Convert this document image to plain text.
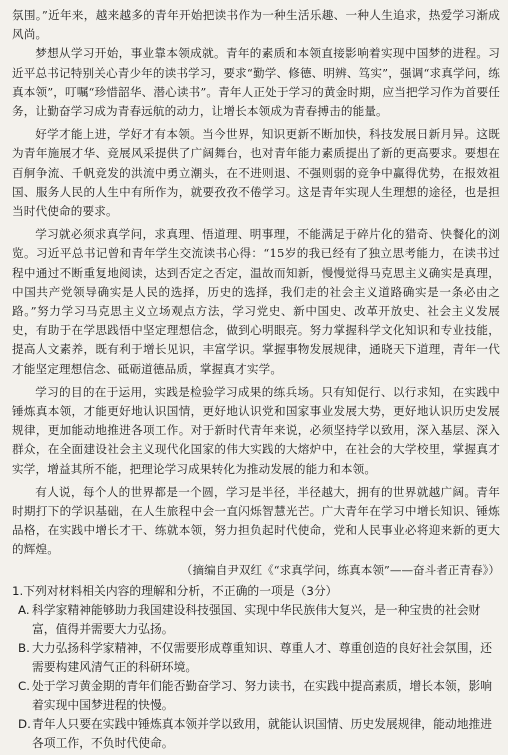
氛围。”近年来，越来越多的青年开始把读书作为一种生活乐趣、一种人生追求，热爱学习渐成风尚。

梦想从学习开始，事业靠本领成就。青年的素质和本领直接影响着实现中国梦的进程。习近平总书记特别关心青少年的读书学习，要求“勤学、修德、明辨、笃实”，强调“求真学问，练真本领”，叮嘱“珍惜韶华、潜心读书”。青年人正处于学习的黄金时期，应当把学习作为首要任务，让勤奋学习成为青春远航的动力，让增长本领成为青春搏击的能量。

好学才能上进，学好才有本领。当今世界，知识更新不断加快，科技发展日新月异。这既为青年施展才华、竞展风采提供了广阔舞台，也对青年能力素质提出了新的更高要求。要想在百舸争流、千帆竞发的洪流中勇立潮头，在不进则退、不强则弱的竞争中赢得优势，在报效祖国、服务人民的人生中有所作为，就要孜孜不倦学习。这是青年实现人生理想的途径，也是担当时代使命的要求。

学习就必须求真学问，求真理、悟道理、明事理，不能满足于碎片化的猎奇、快餐化的浏览。习近平总书记曾和青年学生交流读书心得：“15岁的我已经有了独立思考能力，在读书过程中通过不断重复地阅读，达到否定之否定，温故而知新，慢慢觉得马克思主义确实是真理，中国共产党领导确实是人民的选择，历史的选择，我们走的社会主义道路确实是一条必由之路。”努力学习马克思主义立场观点方法，学习党史、新中国史、改革开放史、社会主义发展史，有助于在学思践悟中坚定理想信念，做到心明眼亮。努力掌握科学文化知识和专业技能，提高人文素养，既有利于增长见识，丰富学识。掌握事物发展规律，通晓天下道理，青年一代才能坚定理想信念、砥砺道德品质，掌握真才实学。

学习的目的在于运用，实践是检验学习成果的练兵场。只有知促行、以行求知，在实践中锤炼真本领，才能更好地认识国情，更好地认识党和国家事业发展大势，更好地认识历史发展规律，更加能动地推进各项工作。对于新时代青年来说，必须坚持学以致用，深入基层、深入群众，在全面建设社会主义现代化国家的伟大实践的大熔炉中，在社会的大学校里，掌握真才实学，增益其所不能，把理论学习成果转化为推动发展的能力和本领。

有人说，每个人的世界都是一个圆，学习是半径，半径越大，拥有的世界就越广阔。青年时期打下的学识基础，在人生旅程中会一直闪烁智慧光芒。广大青年在学习中增长知识、锤炼品格，在实践中增长才干、练就本领，努力担负起时代使命，党和人民事业必将迎来新的更大的辉煌。

（摘编自尹双红《“求真学问，练真本领”——奋斗者正青春》）

1.下列对材料相关内容的理解和分析，不正确的一项是（3分）

A. 科学家精神能够助力我国建设科技强国、实现中华民族伟大复兴，是一种宝贵的社会财富，值得并需要大力弘扬。

B. 大力弘扬科学家精神，不仅需要形成尊重知识、尊重人才、尊重创造的良好社会氛围，还需要构建风清气正的科研环境。

C. 处于学习黄金期的青年们能否勤奋学习、努力读书，在实践中提高素质，增长本领，影响着实现中国梦进程的快慢。

D.青年人只要在实践中锤炼真本领并学以致用，就能认识国情、历史发展规律，能动地推进各项工作，不负时代使命。
